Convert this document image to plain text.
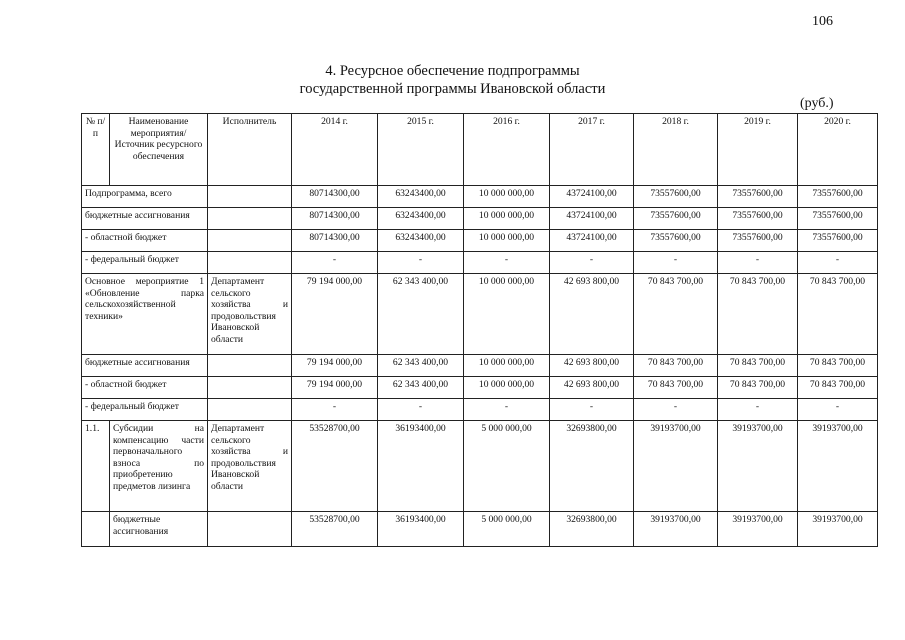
106
4. Ресурсное обеспечение подпрограммы
государственной программы Ивановской области
(руб.)
№ п/п	Наименование мероприятия/ Источник ресурсного обеспечения	Исполнитель	2014 г.	2015 г.	2016 г.	2017 г.	2018 г.	2019 г.	2020 г.
Подпрограмма, всего			80714300,00	63243400,00	10 000 000,00	43724100,00	73557600,00	73557600,00	73557600,00
бюджетные ассигнования			80714300,00	63243400,00	10 000 000,00	43724100,00	73557600,00	73557600,00	73557600,00
- областной бюджет			80714300,00	63243400,00	10 000 000,00	43724100,00	73557600,00	73557600,00	73557600,00
- федеральный бюджет			-	-	-	-	-	-	-
Основное мероприятие 1 «Обновление парка сельскохозяйственной техники»		Департамент сельского хозяйства и продовольствия Ивановской области	79 194 000,00	62 343 400,00	10 000 000,00	42 693 800,00	70 843 700,00	70 843 700,00	70 843 700,00
бюджетные ассигнования			79 194 000,00	62 343 400,00	10 000 000,00	42 693 800,00	70 843 700,00	70 843 700,00	70 843 700,00
- областной бюджет			79 194 000,00	62 343 400,00	10 000 000,00	42 693 800,00	70 843 700,00	70 843 700,00	70 843 700,00
- федеральный бюджет			-	-	-	-	-	-	-
1.1.	Субсидии на компенсацию части первоначального взноса по приобретению предметов лизинга	Департамент сельского хозяйства и продовольствия Ивановской области	53528700,00	36193400,00	5 000 000,00	32693800,00	39193700,00	39193700,00	39193700,00
	бюджетные ассигнования		53528700,00	36193400,00	5 000 000,00	32693800,00	39193700,00	39193700,00	39193700,00
